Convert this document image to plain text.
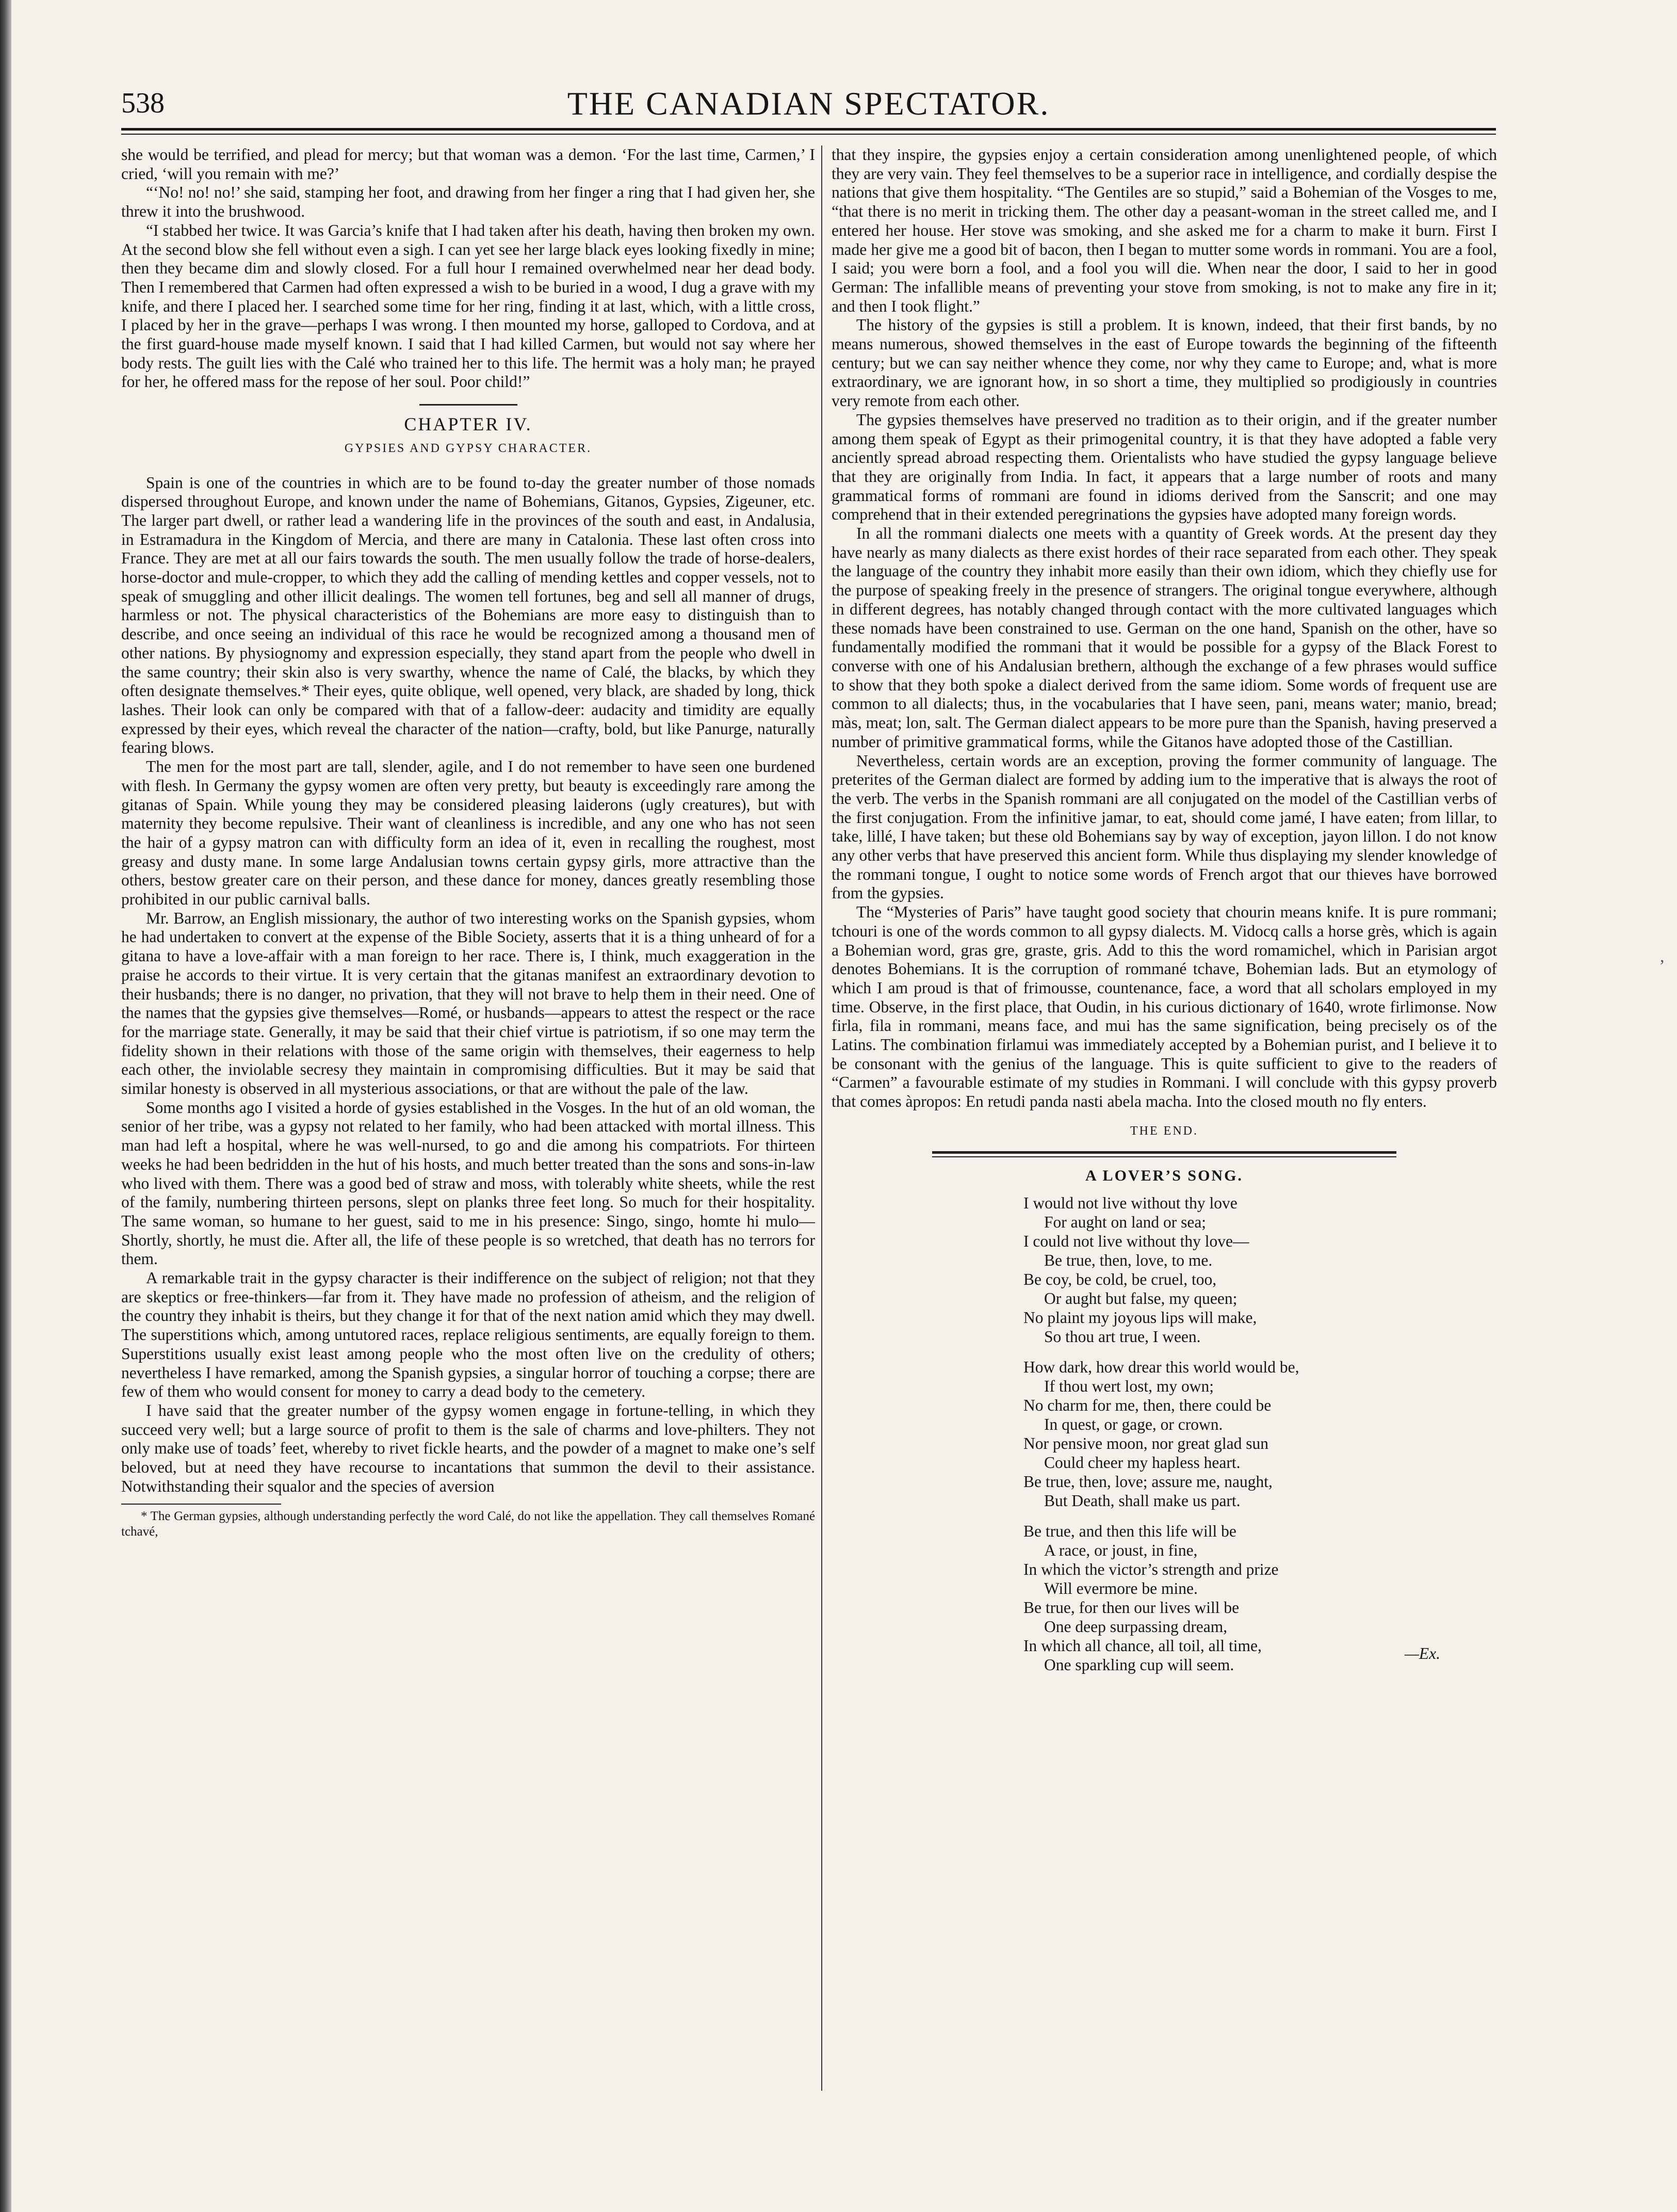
538	THE CANADIAN SPECTATOR.

she would be terrified, and plead for mercy; but that woman was a demon. ‘For the last time, Carmen,’ I cried, ‘will you remain with me?’

“‘No! no! no!’ she said, stamping her foot, and drawing from her finger a ring that I had given her, she threw it into the brushwood.

“I stabbed her twice. It was Garcia’s knife that I had taken after his death, having then broken my own. At the second blow she fell without even a sigh. I can yet see her large black eyes looking fixedly in mine; then they became dim and slowly closed. For a full hour I remained overwhelmed near her dead body. Then I remembered that Carmen had often expressed a wish to be buried in a wood, I dug a grave with my knife, and there I placed her. I searched some time for her ring, finding it at last, which, with a little cross, I placed by her in the grave—perhaps I was wrong. I then mounted my horse, galloped to Cordova, and at the first guard-house made myself known. I said that I had killed Carmen, but would not say where her body rests. The guilt lies with the Calé who trained her to this life. The hermit was a holy man; he prayed for her, he offered mass for the repose of her soul. Poor child!”

CHAPTER IV.
GYPSIES AND GYPSY CHARACTER.

Spain is one of the countries in which are to be found to-day the greater number of those nomads dispersed throughout Europe, and known under the name of Bohemians, Gitanos, Gypsies, Zigeuner, etc. The larger part dwell, or rather lead a wandering life in the provinces of the south and east, in Andalusia, in Estramadura in the Kingdom of Mercia, and there are many in Catalonia. These last often cross into France. They are met at all our fairs towards the south. The men usually follow the trade of horse-dealers, horse-doctor and mule-cropper, to which they add the calling of mending kettles and copper vessels, not to speak of smuggling and other illicit dealings. The women tell fortunes, beg and sell all manner of drugs, harmless or not. The physical characteristics of the Bohemians are more easy to distinguish than to describe, and once seeing an individual of this race he would be recognized among a thousand men of other nations. By physiognomy and expression especially, they stand apart from the people who dwell in the same country; their skin also is very swarthy, whence the name of Calé, the blacks, by which they often designate themselves.* Their eyes, quite oblique, well opened, very black, are shaded by long, thick lashes. Their look can only be compared with that of a fallow-deer: audacity and timidity are equally expressed by their eyes, which reveal the character of the nation—crafty, bold, but like Panurge, naturally fearing blows.

The men for the most part are tall, slender, agile, and I do not remember to have seen one burdened with flesh. In Germany the gypsy women are often very pretty, but beauty is exceedingly rare among the gitanas of Spain. While young they may be considered pleasing laiderons (ugly creatures), but with maternity they become repulsive. Their want of cleanliness is incredible, and any one who has not seen the hair of a gypsy matron can with difficulty form an idea of it, even in recalling the roughest, most greasy and dusty mane. In some large Andalusian towns certain gypsy girls, more attractive than the others, bestow greater care on their person, and these dance for money, dances greatly resembling those prohibited in our public carnival balls.

Mr. Barrow, an English missionary, the author of two interesting works on the Spanish gypsies, whom he had undertaken to convert at the expense of the Bible Society, asserts that it is a thing unheard of for a gitana to have a love-affair with a man foreign to her race. There is, I think, much exaggeration in the praise he accords to their virtue. It is very certain that the gitanas manifest an extraordinary devotion to their husbands; there is no danger, no privation, that they will not brave to help them in their need. One of the names that the gypsies give themselves—Romé, or husbands—appears to attest the respect or the race for the marriage state. Generally, it may be said that their chief virtue is patriotism, if so one may term the fidelity shown in their relations with those of the same origin with themselves, their eagerness to help each other, the inviolable secresy they maintain in compromising difficulties. But it may be said that similar honesty is observed in all mysterious associations, or that are without the pale of the law.

Some months ago I visited a horde of gysies established in the Vosges. In the hut of an old woman, the senior of her tribe, was a gypsy not related to her family, who had been attacked with mortal illness. This man had left a hospital, where he was well-nursed, to go and die among his compatriots. For thirteen weeks he had been bedridden in the hut of his hosts, and much better treated than the sons and sons-in-law who lived with them. There was a good bed of straw and moss, with tolerably white sheets, while the rest of the family, numbering thirteen persons, slept on planks three feet long. So much for their hospitality. The same woman, so humane to her guest, said to me in his presence: Singo, singo, homte hi mulo—Shortly, shortly, he must die. After all, the life of these people is so wretched, that death has no terrors for them.

A remarkable trait in the gypsy character is their indifference on the subject of religion; not that they are skeptics or free-thinkers—far from it. They have made no profession of atheism, and the religion of the country they inhabit is theirs, but they change it for that of the next nation amid which they may dwell. The superstitions which, among untutored races, replace religious sentiments, are equally foreign to them. Superstitions usually exist least among people who the most often live on the credulity of others; nevertheless I have remarked, among the Spanish gypsies, a singular horror of touching a corpse; there are few of them who would consent for money to carry a dead body to the cemetery.

I have said that the greater number of the gypsy women engage in fortune-telling, in which they succeed very well; but a large source of profit to them is the sale of charms and love-philters. They not only make use of toads’ feet, whereby to rivet fickle hearts, and the powder of a magnet to make one’s self beloved, but at need they have recourse to incantations that summon the devil to their assistance. Notwithstanding their squalor and the species of aversion

* The German gypsies, although understanding perfectly the word Calé, do not like the appellation. They call themselves Romané tchavé,

that they inspire, the gypsies enjoy a certain consideration among unenlightened people, of which they are very vain. They feel themselves to be a superior race in intelligence, and cordially despise the nations that give them hospitality. “The Gentiles are so stupid,” said a Bohemian of the Vosges to me, “that there is no merit in tricking them. The other day a peasant-woman in the street called me, and I entered her house. Her stove was smoking, and she asked me for a charm to make it burn. First I made her give me a good bit of bacon, then I began to mutter some words in rommani. You are a fool, I said; you were born a fool, and a fool you will die. When near the door, I said to her in good German: The infallible means of preventing your stove from smoking, is not to make any fire in it; and then I took flight.”

The history of the gypsies is still a problem. It is known, indeed, that their first bands, by no means numerous, showed themselves in the east of Europe towards the beginning of the fifteenth century; but we can say neither whence they come, nor why they came to Europe; and, what is more extraordinary, we are ignorant how, in so short a time, they multiplied so prodigiously in countries very remote from each other.

The gypsies themselves have preserved no tradition as to their origin, and if the greater number among them speak of Egypt as their primogenital country, it is that they have adopted a fable very anciently spread abroad respecting them. Orientalists who have studied the gypsy language believe that they are originally from India. In fact, it appears that a large number of roots and many grammatical forms of rommani are found in idioms derived from the Sanscrit; and one may comprehend that in their extended peregrinations the gypsies have adopted many foreign words.

In all the rommani dialects one meets with a quantity of Greek words. At the present day they have nearly as many dialects as there exist hordes of their race separated from each other. They speak the language of the country they inhabit more easily than their own idiom, which they chiefly use for the purpose of speaking freely in the presence of strangers. The original tongue everywhere, although in different degrees, has notably changed through contact with the more cultivated languages which these nomads have been constrained to use. German on the one hand, Spanish on the other, have so fundamentally modified the rommani that it would be possible for a gypsy of the Black Forest to converse with one of his Andalusian brethern, although the exchange of a few phrases would suffice to show that they both spoke a dialect derived from the same idiom. Some words of frequent use are common to all dialects; thus, in the vocabularies that I have seen, pani, means water; manio, bread; màs, meat; lon, salt. The German dialect appears to be more pure than the Spanish, having preserved a number of primitive grammatical forms, while the Gitanos have adopted those of the Castillian.

Nevertheless, certain words are an exception, proving the former community of language. The preterites of the German dialect are formed by adding ium to the imperative that is always the root of the verb. The verbs in the Spanish rommani are all conjugated on the model of the Castillian verbs of the first conjugation. From the infinitive jamar, to eat, should come jamé, I have eaten; from lillar, to take, lillé, I have taken; but these old Bohemians say by way of exception, jayon lillon. I do not know any other verbs that have preserved this ancient form. While thus displaying my slender knowledge of the rommani tongue, I ought to notice some words of French argot that our thieves have borrowed from the gypsies.

The “Mysteries of Paris” have taught good society that chourin means knife. It is pure rommani; tchouri is one of the words common to all gypsy dialects. M. Vidocq calls a horse grès, which is again a Bohemian word, gras gre, graste, gris. Add to this the word romamichel, which in Parisian argot denotes Bohemians. It is the corruption of rommané tchave, Bohemian lads. But an etymology of which I am proud is that of frimousse, countenance, face, a word that all scholars employed in my time. Observe, in the first place, that Oudin, in his curious dictionary of 1640, wrote firlimonse. Now firla, fila in rommani, means face, and mui has the same signification, being precisely os of the Latins. The combination firlamui was immediately accepted by a Bohemian purist, and I believe it to be consonant with the genius of the language. This is quite sufficient to give to the readers of “Carmen” a favourable estimate of my studies in Rommani. I will conclude with this gypsy proverb that comes àpropos: En retudi panda nasti abela macha. Into the closed mouth no fly enters.

THE END.
A LOVER’S SONG.
I would not live without thy love
For aught on land or sea;
I could not live without thy love—
Be true, then, love, to me.
Be coy, be cold, be cruel, too,
Or aught but false, my queen;
No plaint my joyous lips will make,
So thou art true, I ween.
How dark, how drear this world would be,
If thou wert lost, my own;
No charm for me, then, there could be
In quest, or gage, or crown.
Nor pensive moon, nor great glad sun
Could cheer my hapless heart.
Be true, then, love; assure me, naught,
But Death, shall make us part.
Be true, and then this life will be
A race, or joust, in fine,
In which the victor’s strength and prize
Will evermore be mine.
Be true, for then our lives will be
One deep surpassing dream,
In which all chance, all toil, all time,
One sparkling cup will seem.
—Ex.
,
